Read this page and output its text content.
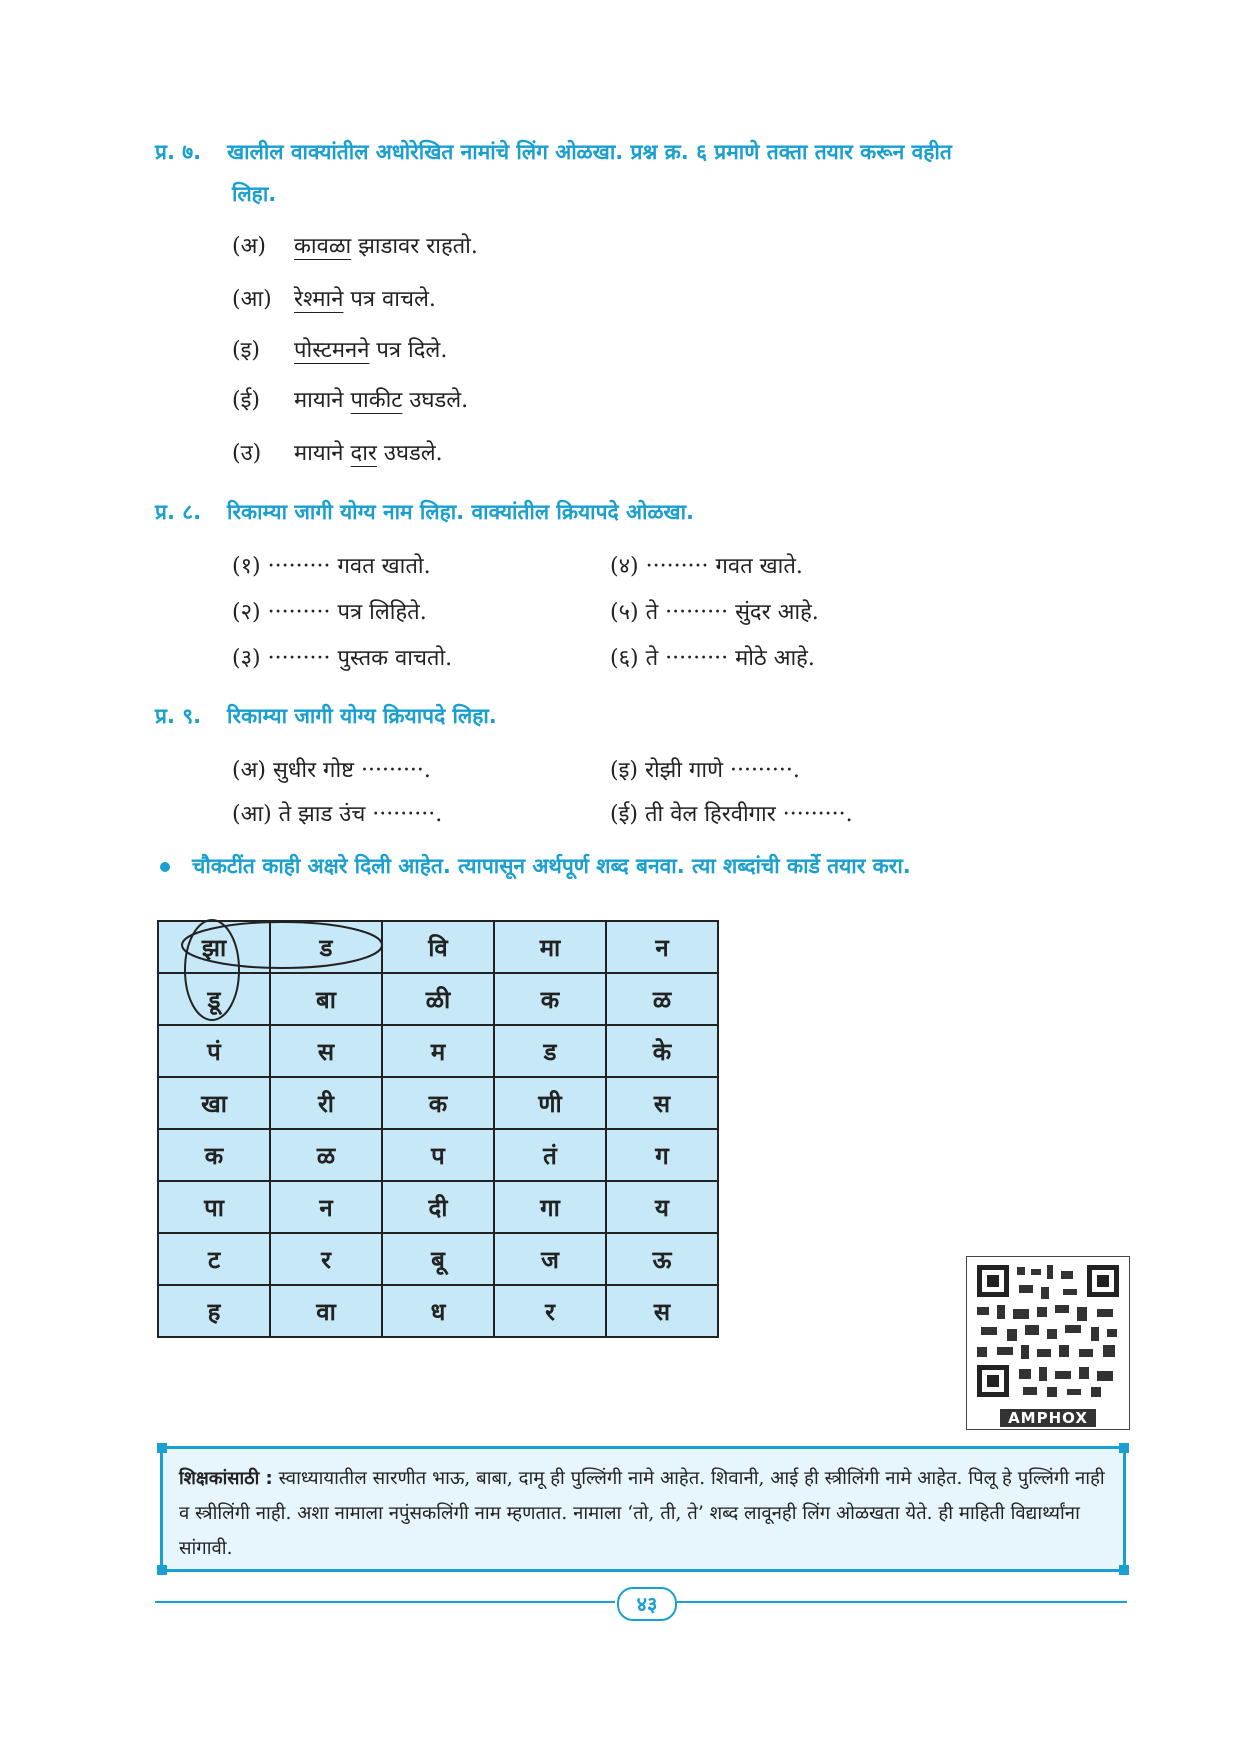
प्र. ७. खालील वाक्यांतील अधोरेखित नामांचे लिंग ओळखा. प्रश्न क्र. ६ प्रमाणे तक्ता तयार करून वहीत
लिहा.
(अ) कावळा झाडावर राहतो.
(आ) रेश्माने पत्र वाचले.
(इ) पोस्टमनने पत्र दिले.
(ई) मायाने पाकीट उघडले.
(उ) मायाने दार उघडले.
प्र. ८. रिकाम्या जागी योग्य नाम लिहा. वाक्यांतील क्रियापदे ओळखा.
(१) ········· गवत खातो.
(२) ········· पत्र लिहिते.
(३) ········· पुस्तक वाचतो.
(४) ········· गवत खाते.
(५) ते ········· सुंदर आहे.
(६) ते ········· मोठे आहे.
प्र. ९. रिकाम्या जागी योग्य क्रियापदे लिहा.
(अ) सुधीर गोष्ट ·········.
(आ) ते झाड उंच ·········.
(इ) रोझी गाणे ·········.
(ई) ती वेल हिरवीगार ·········.
चौकटींत काही अक्षरे दिली आहेत. त्यापासून अर्थपूर्ण शब्द बनवा. त्या शब्दांची कार्डे तयार करा.
झा	ड	वि	मा	न
डू	बा	ळी	क	ळ
पं	स	म	ड	के
खा	री	क	णी	स
क	ळ	प	तं	ग
पा	न	दी	गा	य
ट	र	बू	ज	ऊ
ह	वा	ध	र	स
AMPHOX
शिक्षकांसाठी : स्वाध्यायातील सारणीत भाऊ, बाबा, दामू ही पुल्लिंगी नामे आहेत. शिवानी, आई ही स्त्रीलिंगी नामे आहेत. पिलू हे पुल्लिंगी नाही व स्त्रीलिंगी नाही. अशा नामाला नपुंसकलिंगी नाम म्हणतात. नामाला ‘तो, ती, ते’ शब्द लावूनही लिंग ओळखता येते. ही माहिती विद्यार्थ्यांना सांगावी.
४३
